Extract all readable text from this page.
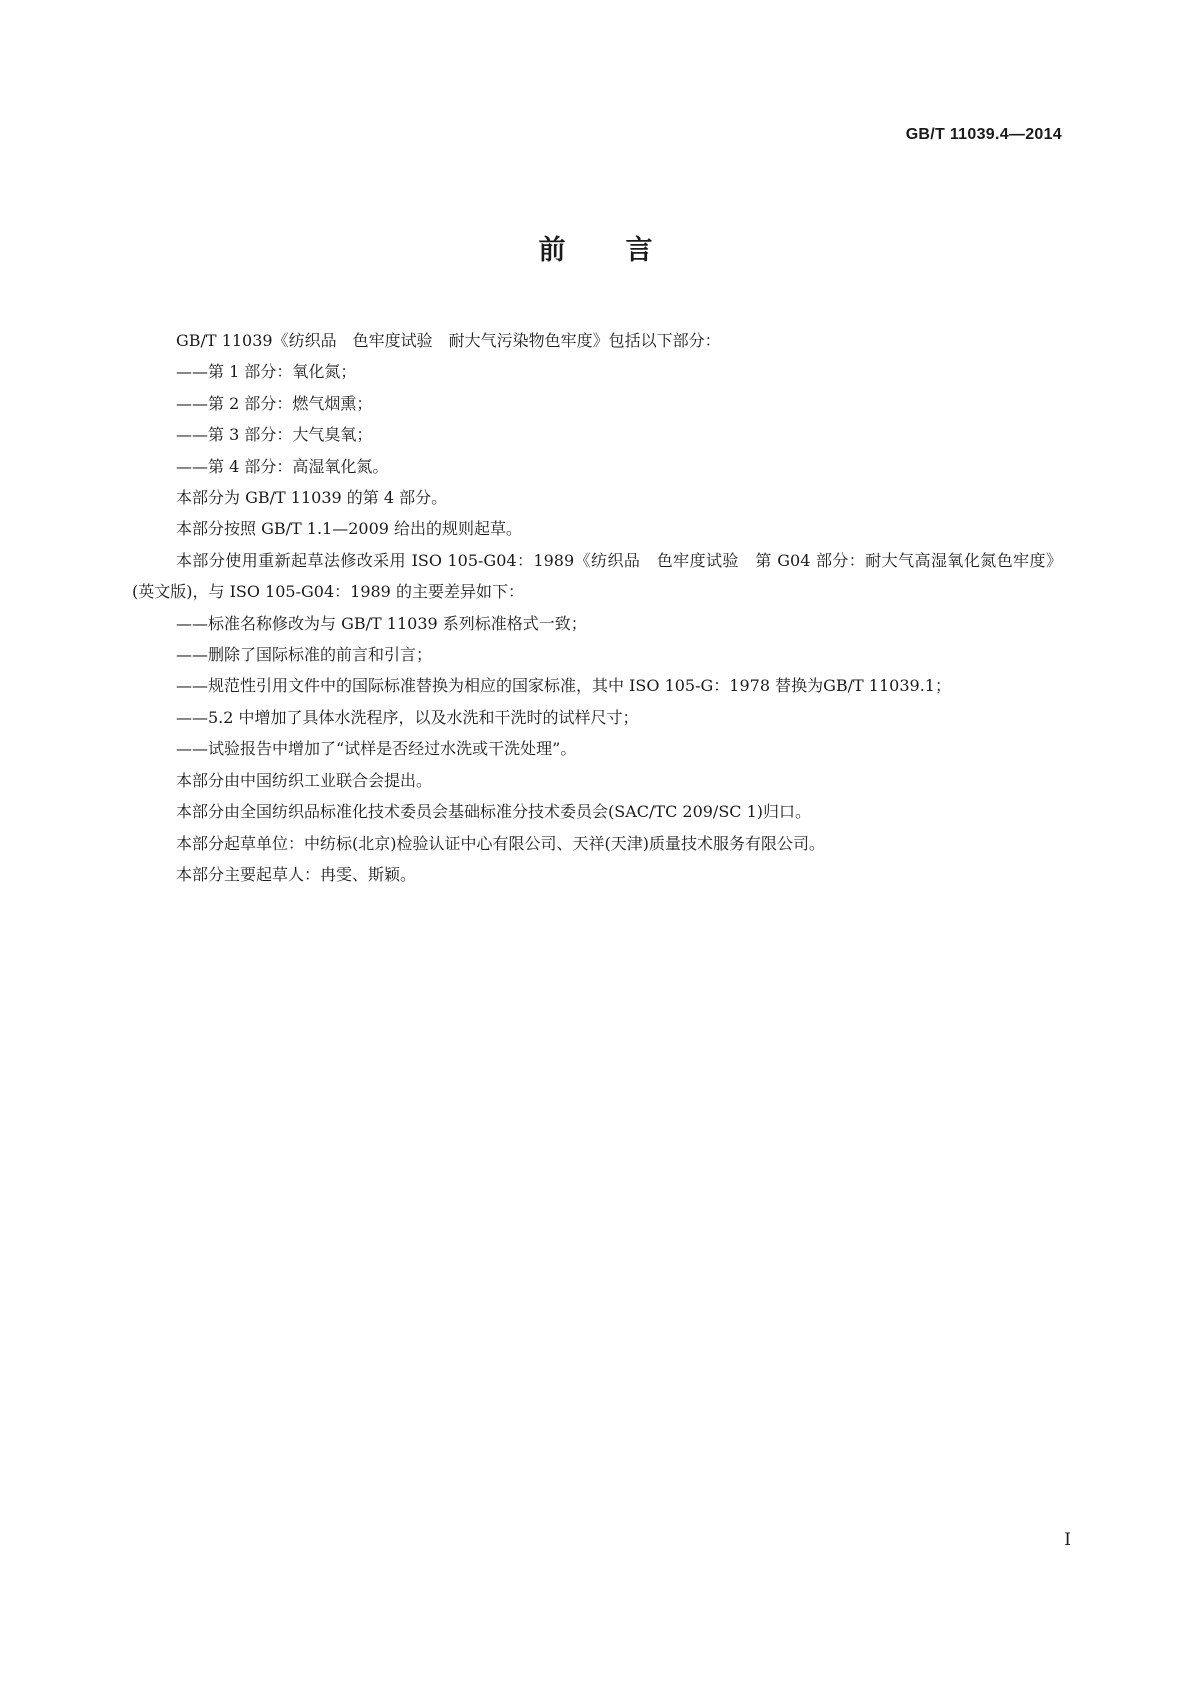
GB/T 11039.4—2014
前言

GB/T 11039《纺织品　色牢度试验　耐大气污染物色牢度》包括以下部分：

——第 1 部分：氧化氮；

——第 2 部分：燃气烟熏；

——第 3 部分：大气臭氧；

——第 4 部分：高湿氧化氮。

本部分为 GB/T 11039 的第 4 部分。

本部分按照 GB/T 1.1—2009 给出的规则起草。

本部分使用重新起草法修改采用 ISO 105-G04：1989《纺织品　色牢度试验　第 G04 部分：耐大气高湿氧化氮色牢度》(英文版)，与 ISO 105-G04：1989 的主要差异如下：

——标准名称修改为与 GB/T 11039 系列标准格式一致；

——删除了国际标准的前言和引言；

——规范性引用文件中的国际标准替换为相应的国家标准，其中 ISO 105-G：1978 替换为GB/T 11039.1；

——5.2 中增加了具体水洗程序，以及水洗和干洗时的试样尺寸；

——试验报告中增加了“试样是否经过水洗或干洗处理”。

本部分由中国纺织工业联合会提出。

本部分由全国纺织品标准化技术委员会基础标准分技术委员会(SAC/TC 209/SC 1)归口。

本部分起草单位：中纺标(北京)检验认证中心有限公司、天祥(天津)质量技术服务有限公司。

本部分主要起草人：冉雯、斯颖。

I
